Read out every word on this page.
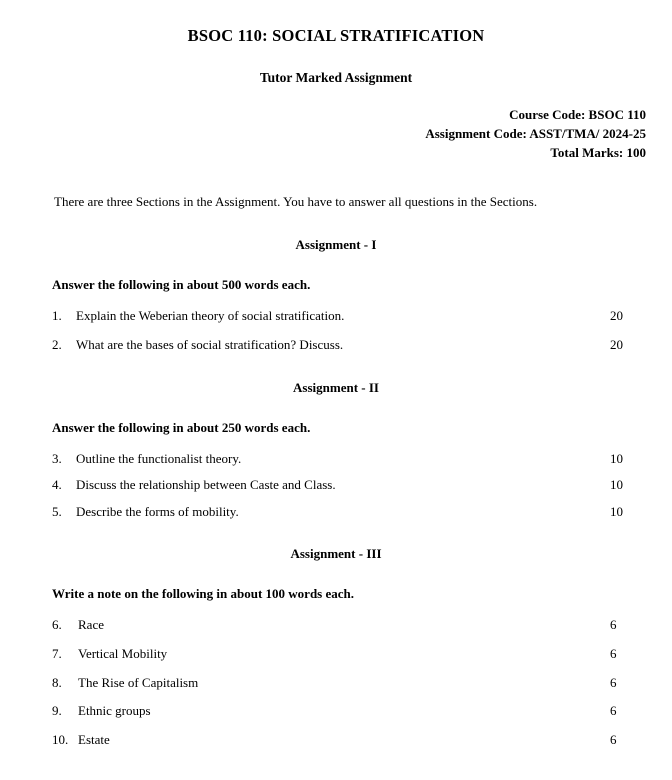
BSOC 110: SOCIAL STRATIFICATION
Tutor Marked Assignment
Course Code: BSOC 110
Assignment Code: ASST/TMA/ 2024-25
Total Marks: 100
There are three Sections in the Assignment. You have to answer all questions in the Sections.
Assignment - I
Answer the following in about 500 words each.
1.	Explain the Weberian theory of social stratification.	20
2.	What are the bases of social stratification? Discuss.	20
Assignment - II
Answer the following in about 250 words each.
3.	Outline the functionalist theory.	10
4.	Discuss the relationship between Caste and Class.	10
5.	Describe the forms of mobility.	10
Assignment - III
Write a note on the following in about 100 words each.
6.	Race	6
7.	Vertical Mobility	6
8.	The Rise of Capitalism	6
9.	Ethnic groups	6
10. Estate	6
